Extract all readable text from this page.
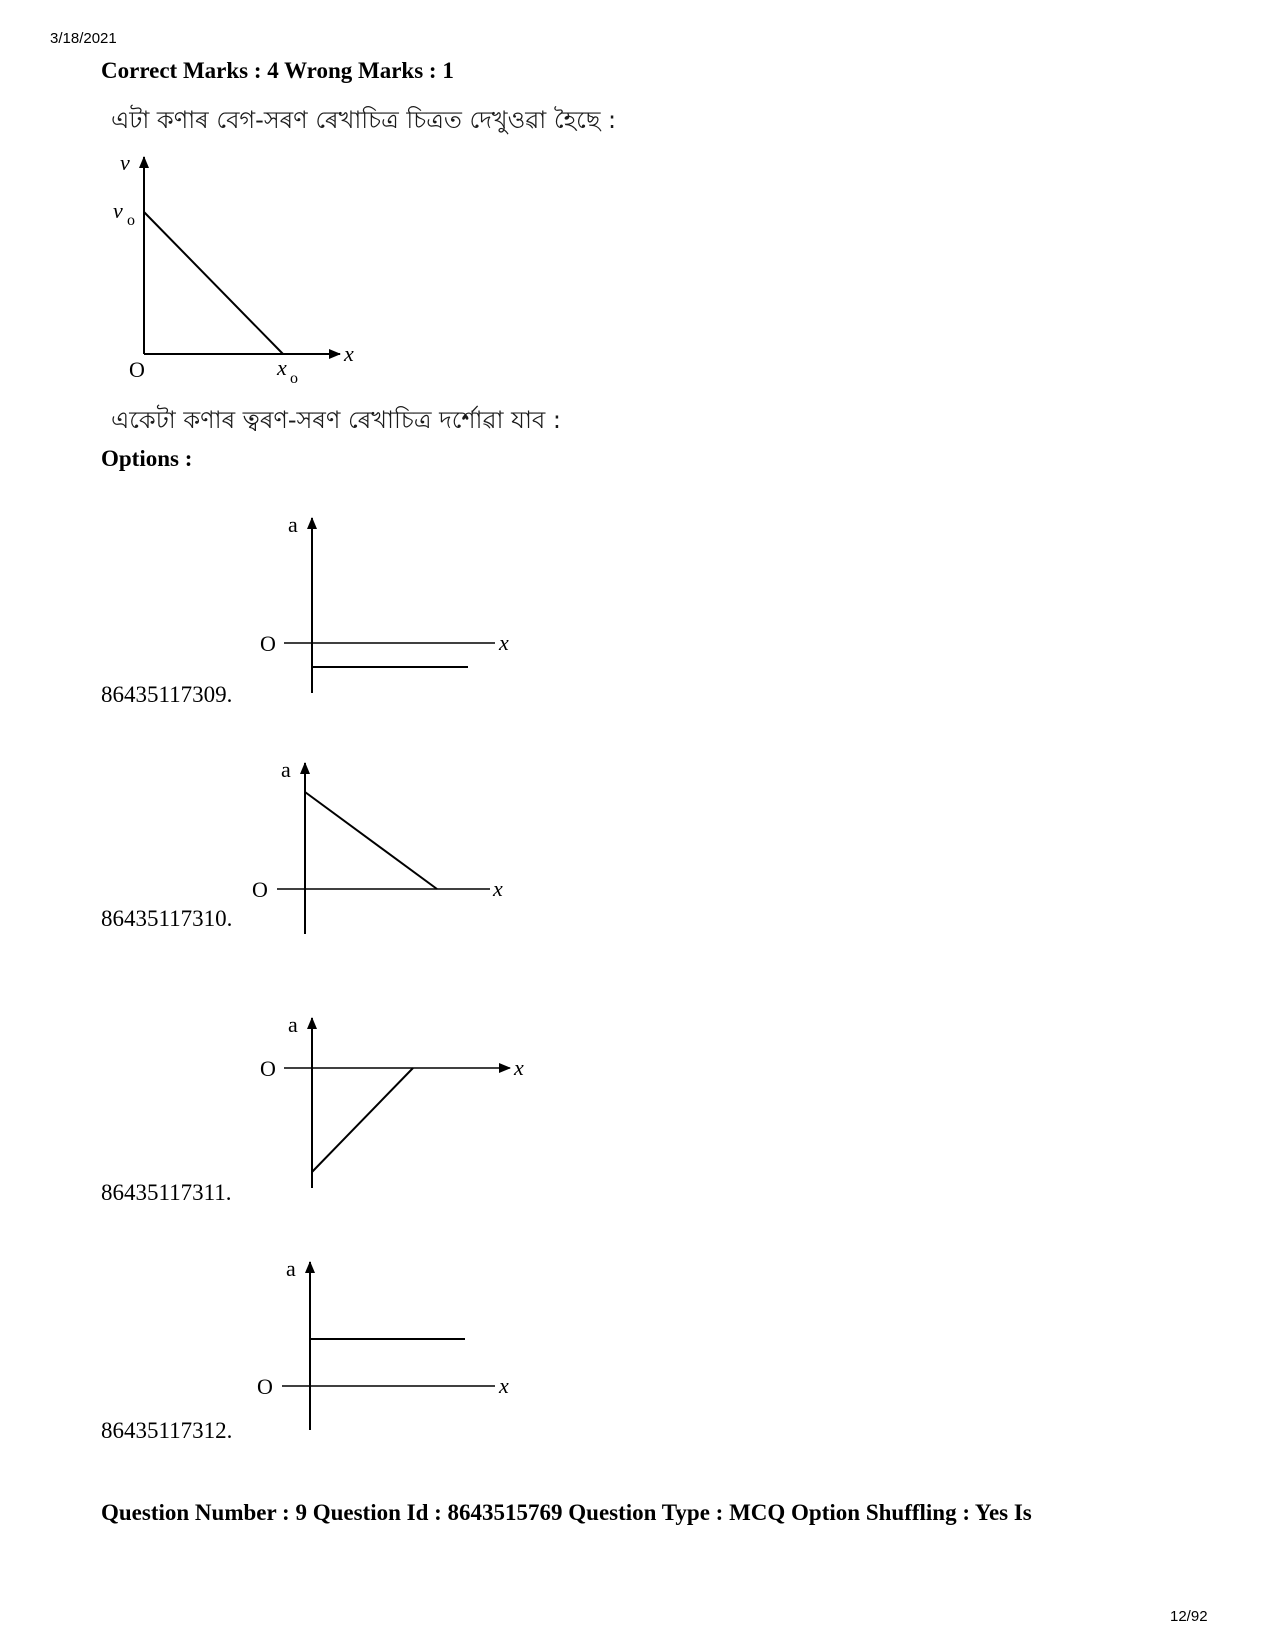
3/18/2021
Correct Marks : 4 Wrong Marks : 1
এটা কণাৰ বেগ-সৰণ ৰেখাচিত্ৰ চিত্ৰত দেখুওৱা হৈছে :
একেটা কণাৰ ত্বৰণ-সৰণ ৰেখাচিত্ৰ দৰ্শোৱা যাব :
Options :
86435117309.
86435117310.
86435117311.
86435117312.
Question Number : 9 Question Id : 8643515769 Question Type : MCQ Option Shuffling : Yes Is
12/92
v
v o
x
x o
O
a
O	x
a
O	x
a
O	x
a
O	x
